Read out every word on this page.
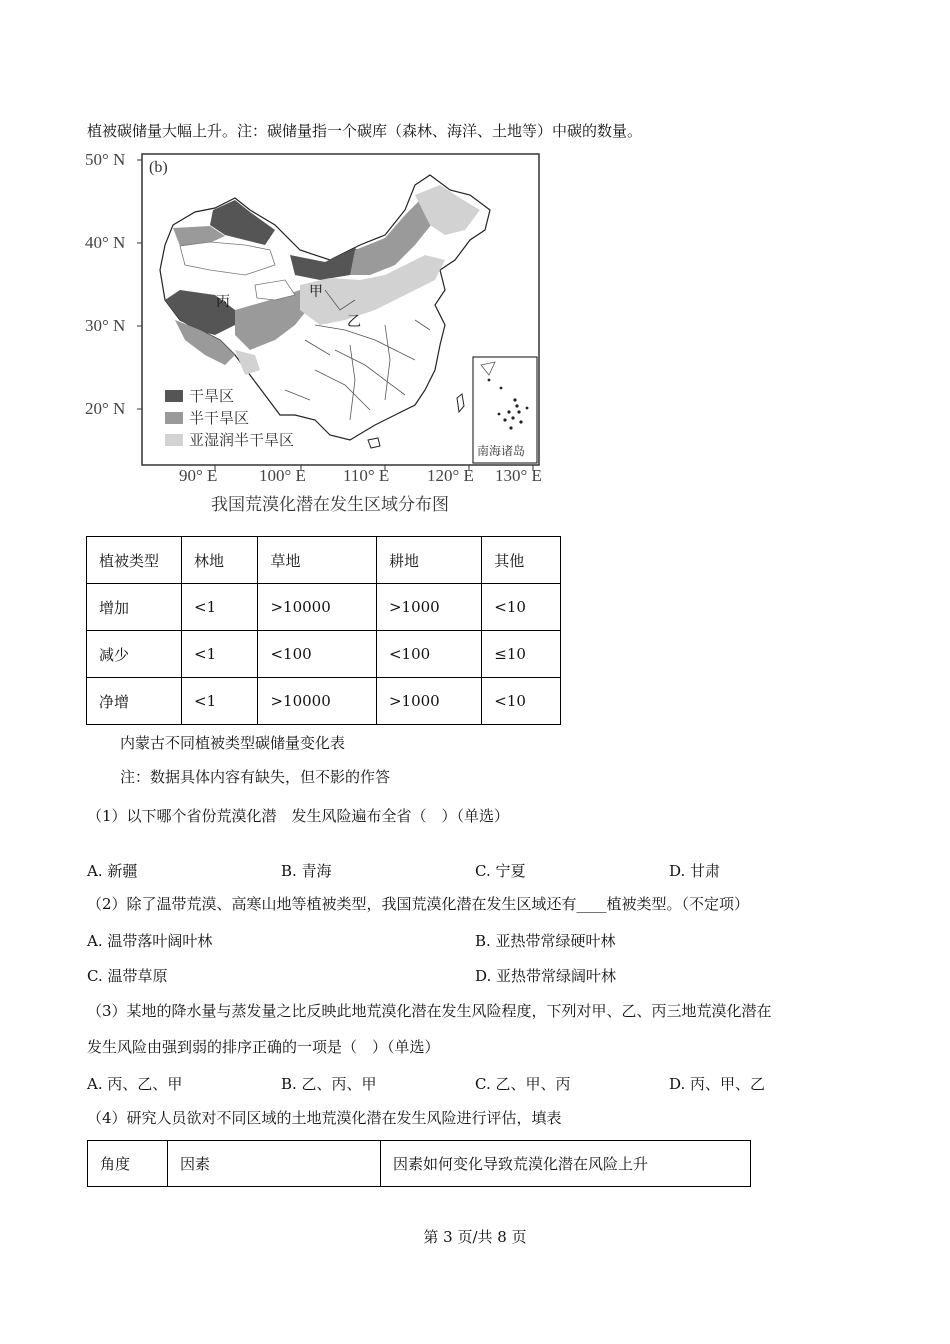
植被碳储量大幅上升。注：碳储量指一个碳库（森林、海洋、土地等）中碳的数量。
南海诸岛
(b)
丙
甲
乙
干旱区
半干旱区
亚湿润半干旱区
50° N
40° N
30° N
20° N
90° E 100° E 110° E 120° E 130° E
我国荒漠化潜在发生区域分布图
植被类型	林地	草地	耕地	其他
增加	<1	>10000	>1000	<10
减少	<1	<100	<100	≤10
净增	<1	>10000	>1000	<10
内蒙古不同植被类型碳储量变化表
注：数据具体内容有缺失，但不影的作答
（1）以下哪个省份荒漠化潜　发生风险遍布全省（　）（单选）
A. 新疆	B. 青海	C. 宁夏	D. 甘肃
（2）除了温带荒漠、高寒山地等植被类型，我国荒漠化潜在发生区域还有____植被类型。（不定项）
A. 温带落叶阔叶林	B. 亚热带常绿硬叶林
C. 温带草原	D. 亚热带常绿阔叶林
（3）某地的降水量与蒸发量之比反映此地荒漠化潜在发生风险程度，下列对甲、乙、丙三地荒漠化潜在
发生风险由强到弱的排序正确的一项是（　）（单选）
A. 丙、乙、甲	B. 乙、丙、甲	C. 乙、甲、丙	D. 丙、甲、乙
（4）研究人员欲对不同区域的土地荒漠化潜在发生风险进行评估，填表
角度	因素	因素如何变化导致荒漠化潜在风险上升
第 3 页/共 8 页
